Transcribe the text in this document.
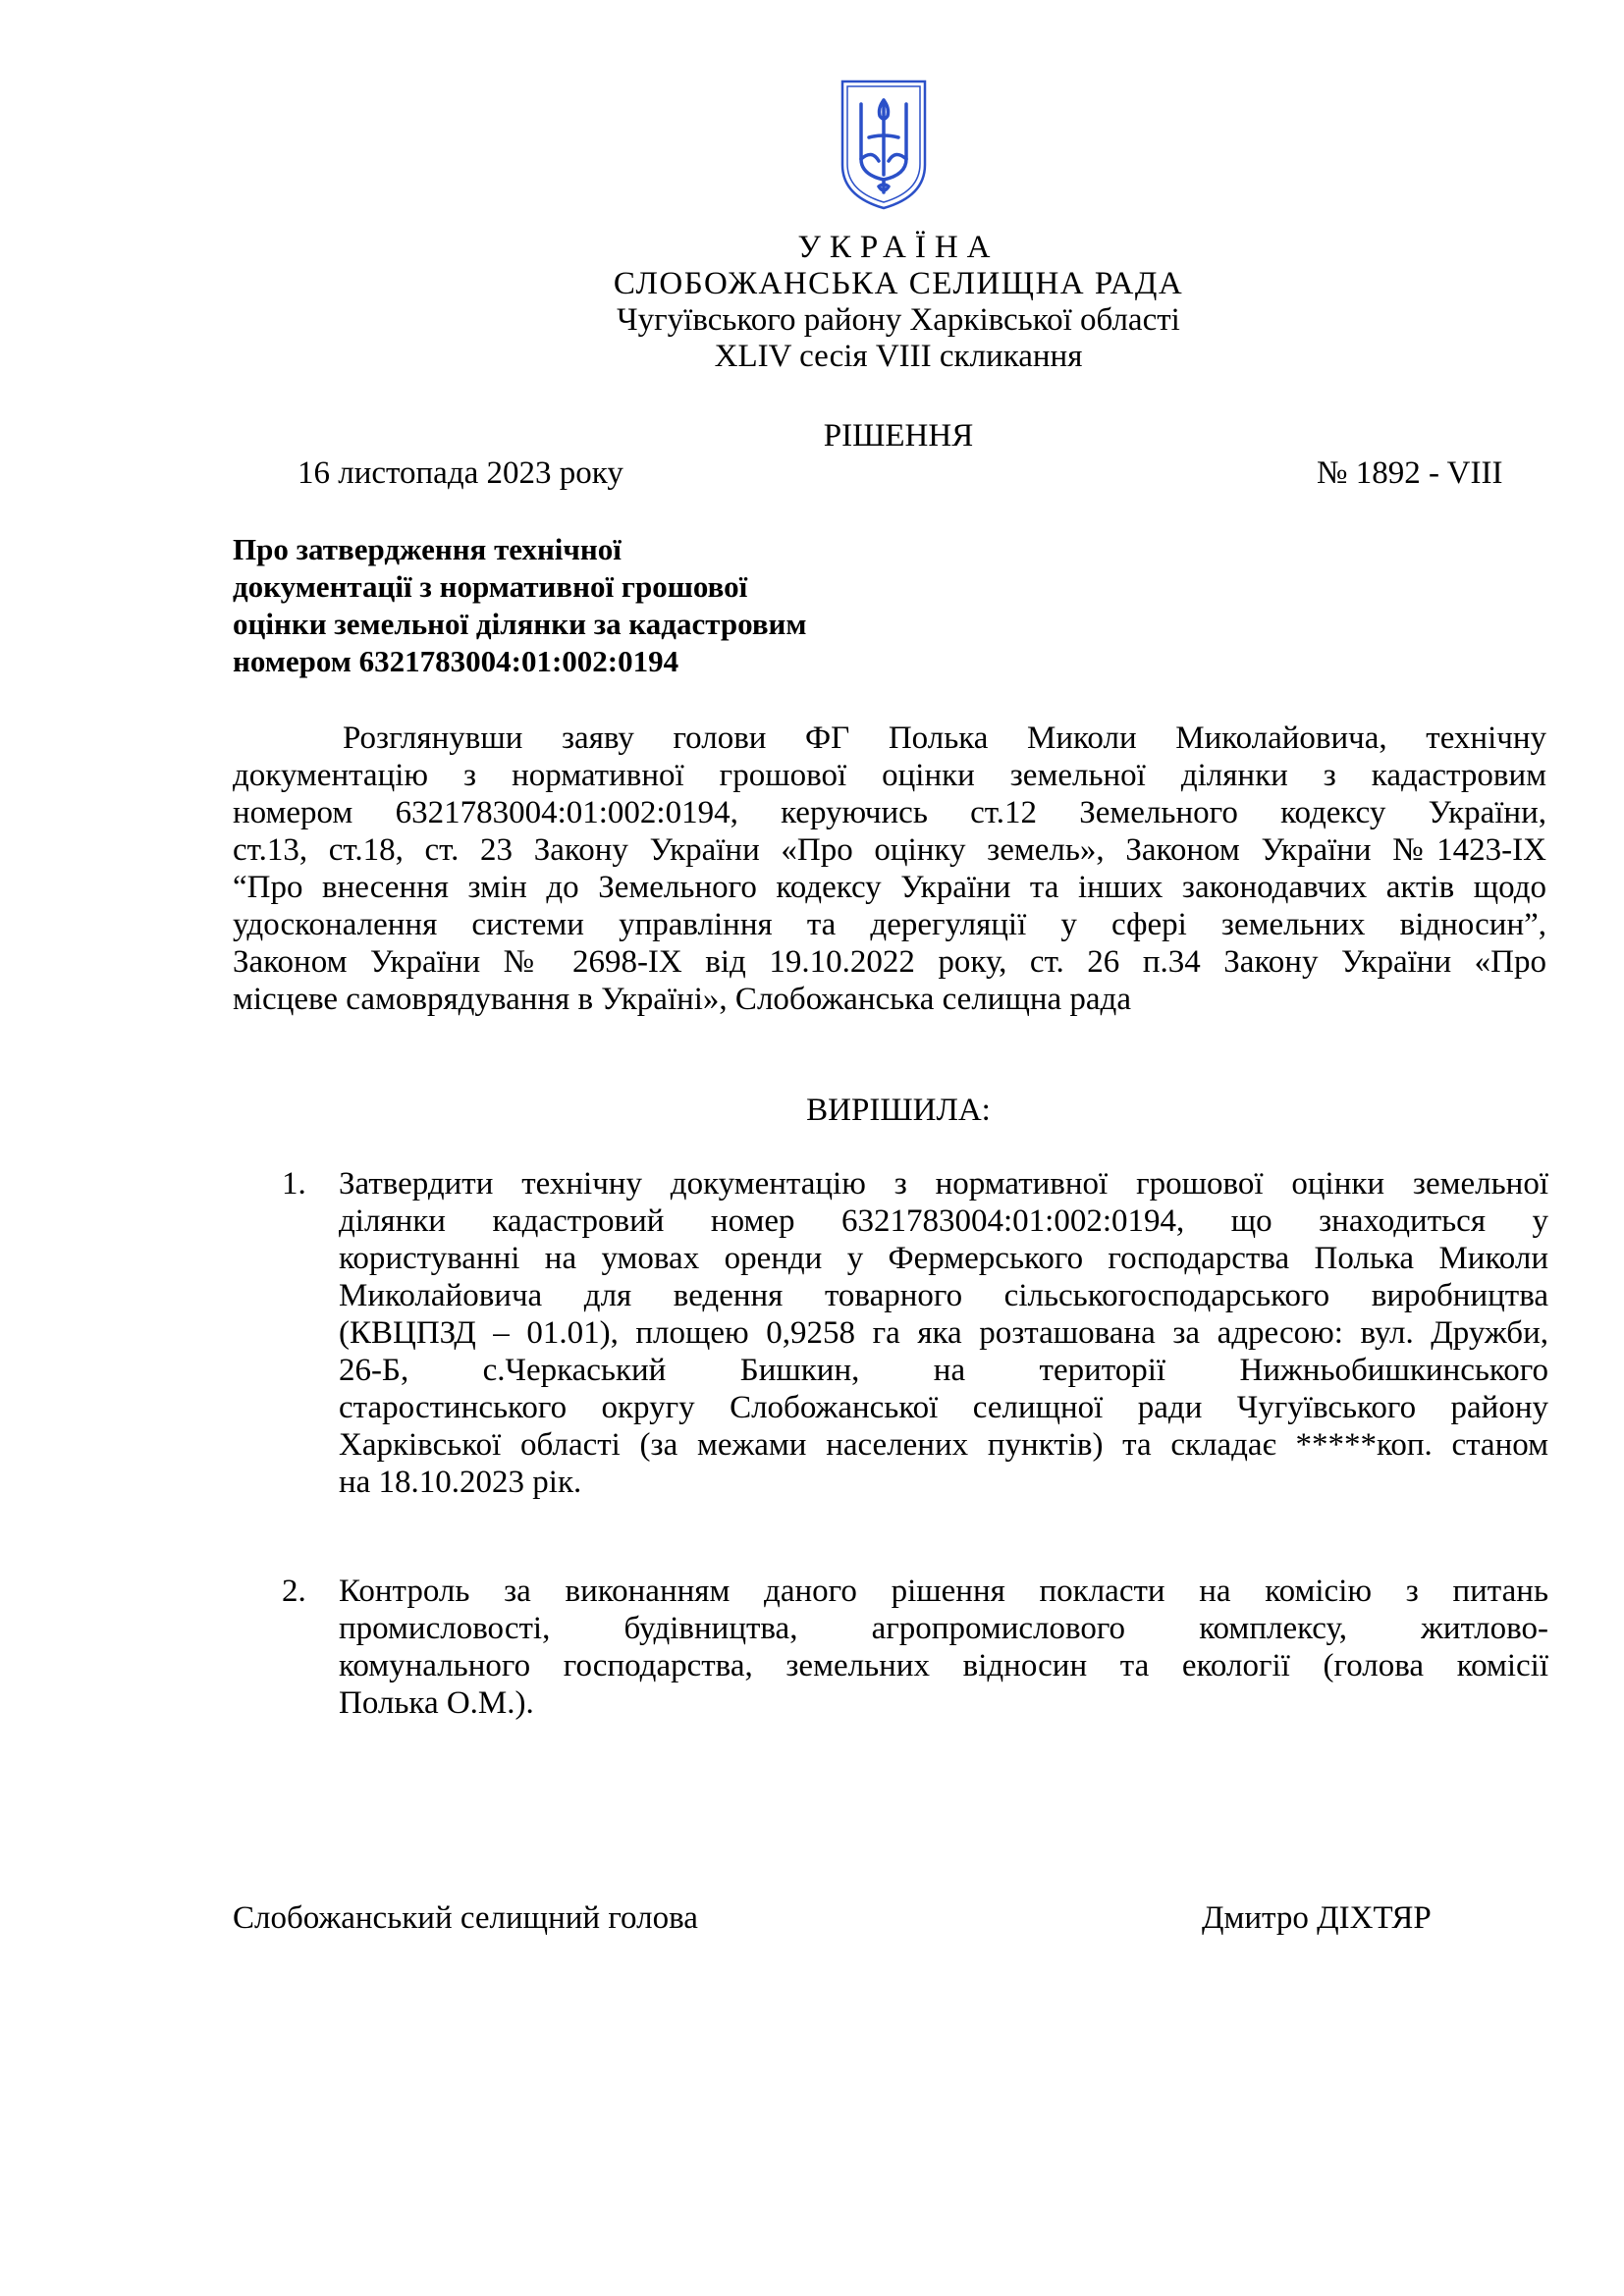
УКРАЇНА
СЛОБОЖАНСЬКА СЕЛИЩНА РАДА
Чугуївського району Харківської області
XLIV сесія VIII скликання
РІШЕННЯ
16 листопада 2023 року	№ 1892 - VIII
Про затвердження технічної
документації з нормативної грошової
оцінки земельної ділянки за кадастровим
номером 6321783004:01:002:0194
Розглянувши заяву голови ФГ Полька Миколи Миколайовича, технічну
документацію з нормативної грошової оцінки земельної ділянки з кадастровим
номером 6321783004:01:002:0194, керуючись ст.12 Земельного кодексу України,
ст.13, ст.18, ст. 23 Закону України «Про оцінку земель», Законом України №1423-IX
“Про внесення змін до Земельного кодексу України та інших законодавчих актів щодо
удосконалення системи управління та дерегуляції у сфері земельних відносин”,
Законом України № 2698-IX від 19.10.2022 року, ст. 26 п.34 Закону України «Про
місцеве самоврядування в Україні», Слобожанська селищна рада
ВИРІШИЛА:
1. Затвердити технічну документацію з нормативної грошової оцінки земельної
ділянки кадастровий номер 6321783004:01:002:0194, що знаходиться у
користуванні на умовах оренди у Фермерського господарства Полька Миколи
Миколайовича для ведення товарного сільськогосподарського виробництва
(КВЦПЗД – 01.01), площею 0,9258 га яка розташована за адресою: вул. Дружби,
26-Б, с.Черкаський Бишкин, на території Нижньобишкинського
старостинського округу Слобожанської селищної ради Чугуївського району
Харківської області (за межами населених пунктів) та складає *****коп. станом
на 18.10.2023 рік.
2. Контроль за виконанням даного рішення покласти на комісію з питань
промисловості, будівництва, агропромислового комплексу, житлово-
комунального господарства, земельних відносин та екології (голова комісії
Полька О.М.).
Слобожанський селищний голова	Дмитро ДІХТЯР
